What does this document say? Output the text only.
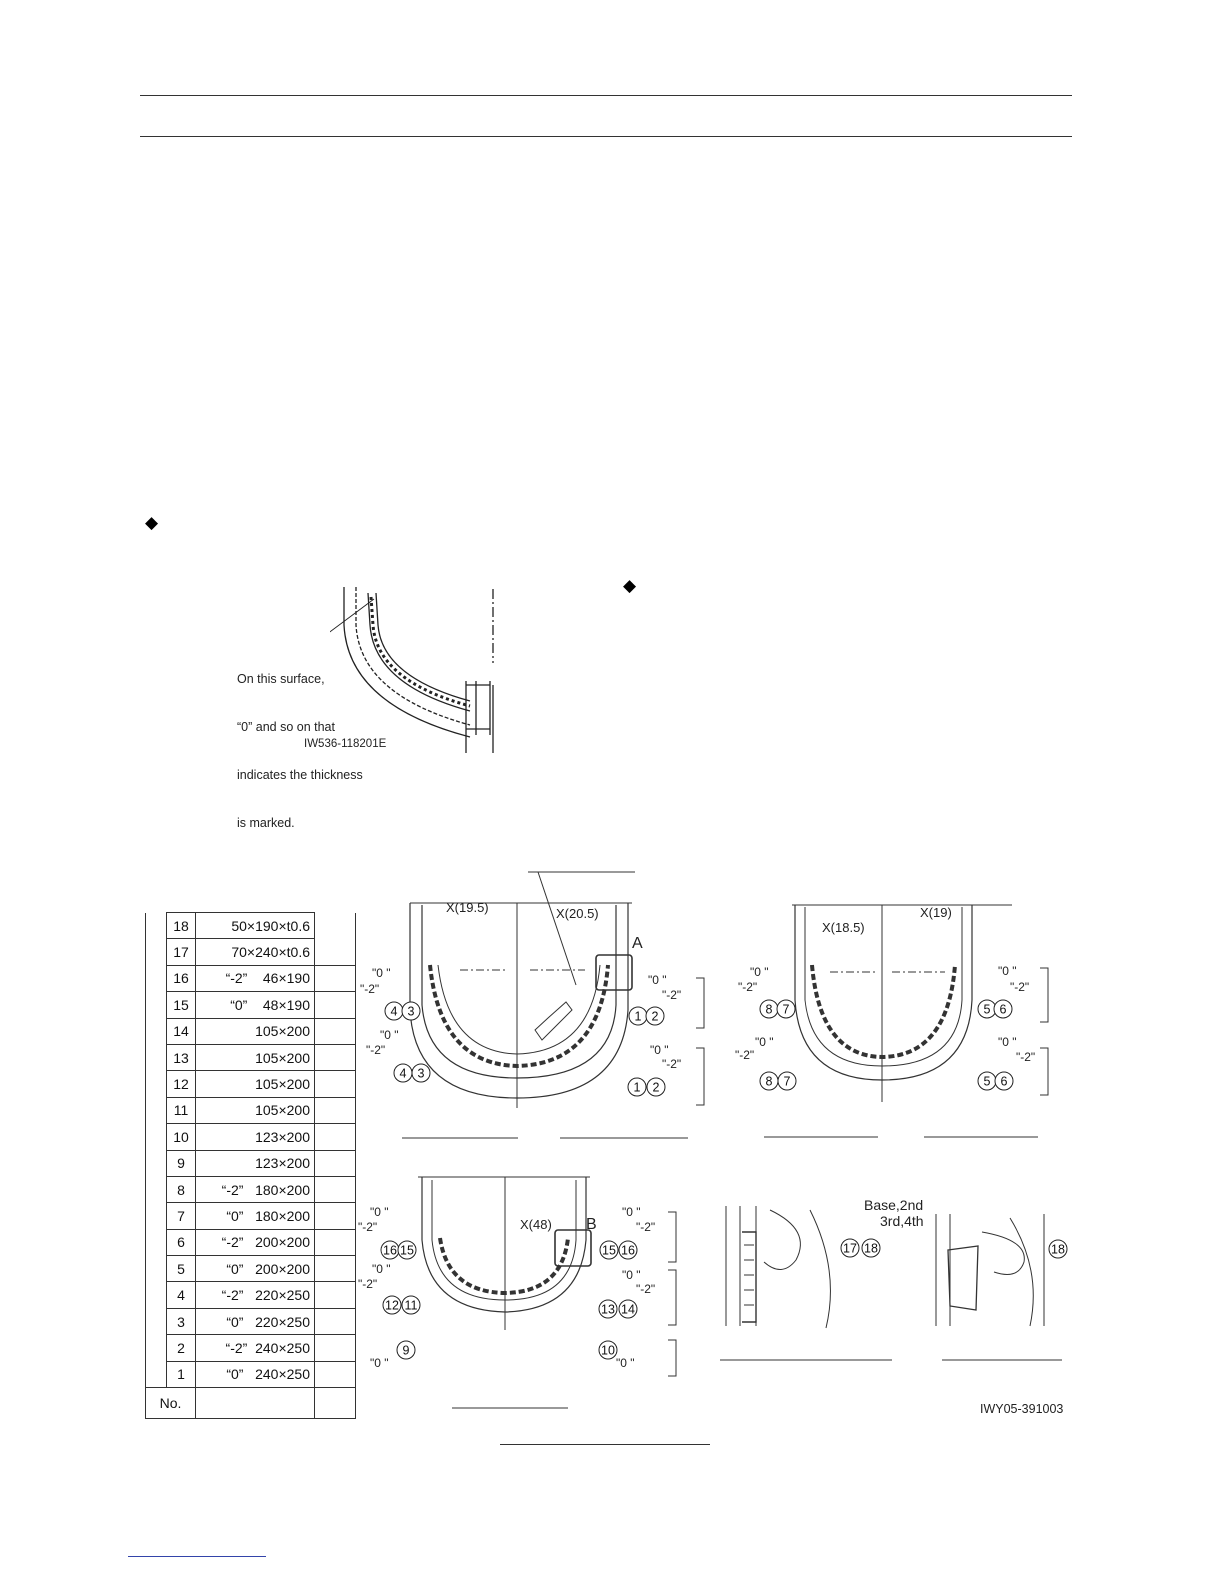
◆
◆

On this surface,

“0” and so on that

indicates the thickness

is marked.

IW536-118201E
	18	50×190×t0.6	
	17	70×240×t0.6	
	16	“-2”    46×190	
	15	“0”    48×190	
	14	105×200	
	13	105×200	
	12	105×200	
	11	105×200	
	10	123×200	
	9	123×200	
	8	“-2”   180×200	
	7	“0”   180×200	
	6	“-2”   200×200	
	5	“0”   200×200	
	4	“-2”   220×250	
	3	“0”   220×250	
	2	“-2”  240×250	
	1	“0”   240×250	
No.			
4 3	1 2
4 3
1 2
8 7	5 6
8 7	5 6
16 15	15 16
12 11	13 14
9	10
17 18	18
X(19.5)	X(20.5)
A
X(18.5)
X(19)
X(48) B
Base,2nd
3rd,4th
IWY05-391003
"0 "
"0 "
"0 "
"0 "
"0 "
"0 "
"0 "
"0 "
"0 "
"0 "
"0 "
"0 "
"0 "
"0 "
"-2"
"-2"
"-2"
"-2"
"-2"
"-2"
"-2"
"-2"
"-2"
"-2"
"-2"
"-2"
